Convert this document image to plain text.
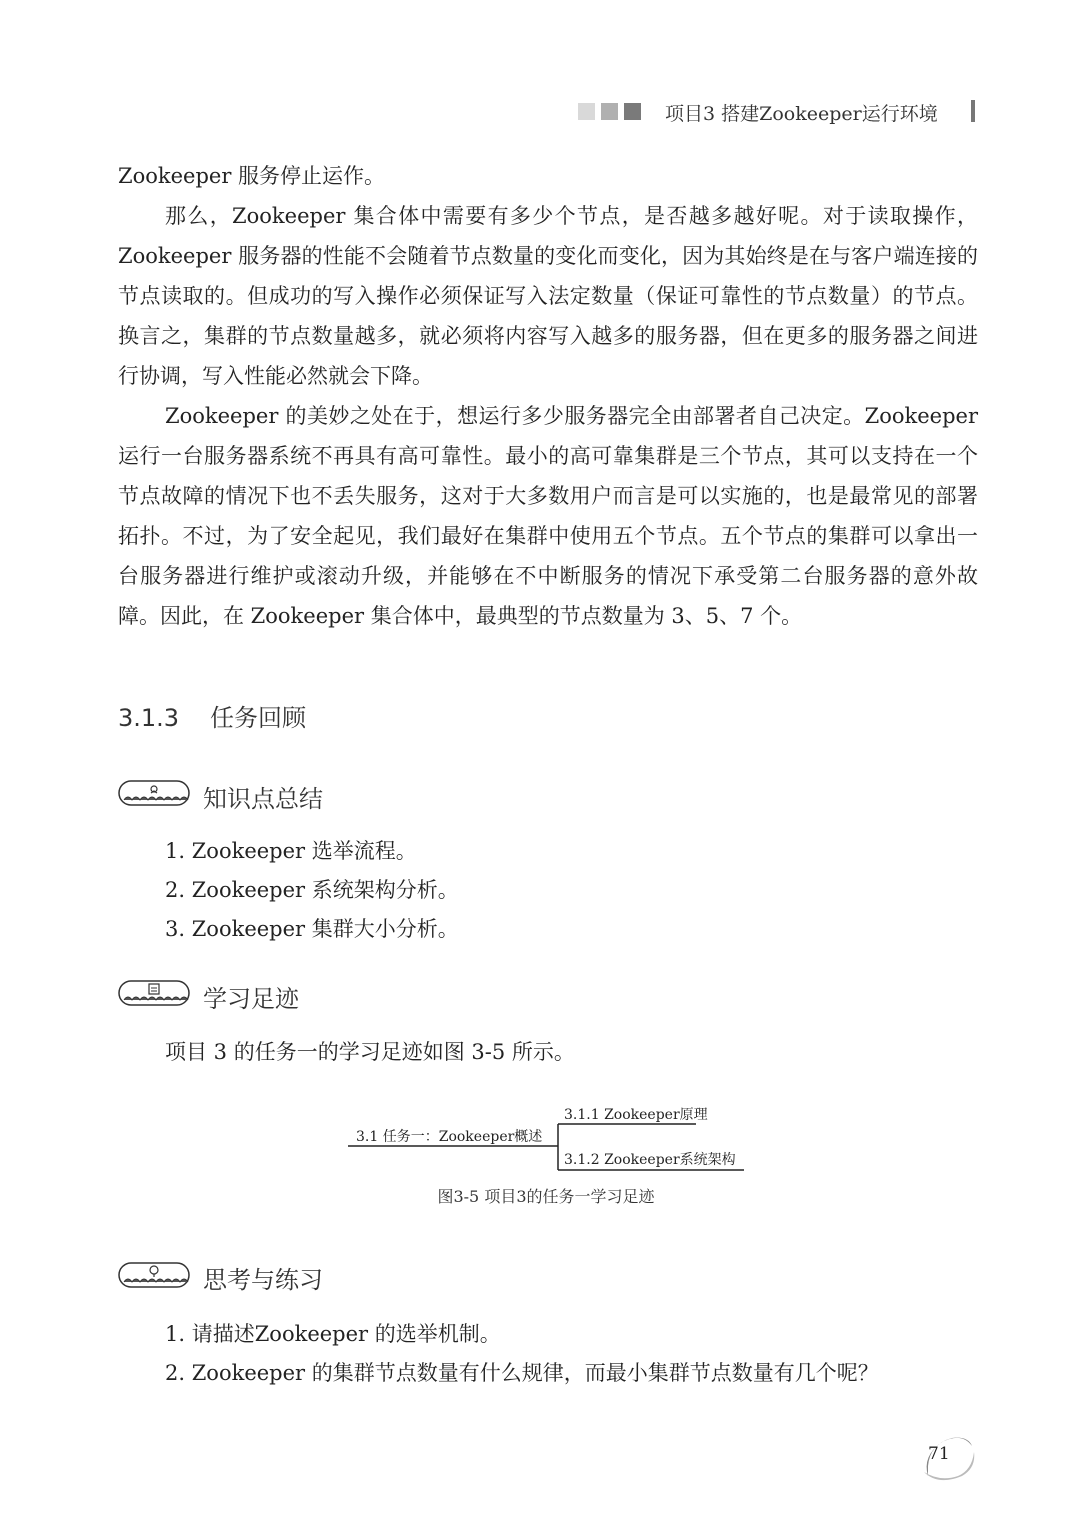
项目3 搭建Zookeeper运行环境

Zookeeper 服务停止运作。

那么，Zookeeper 集合体中需要有多少个节点，是否越多越好呢。对于读取操作，Zookeeper 服务器的性能不会随着节点数量的变化而变化，因为其始终是在与客户端连接的节点读取的。但成功的写入操作必须保证写入法定数量（保证可靠性的节点数量）的节点。换言之，集群的节点数量越多，就必须将内容写入越多的服务器，但在更多的服务器之间进行协调，写入性能必然就会下降。

Zookeeper 的美妙之处在于，想运行多少服务器完全由部署者自己决定。Zookeeper 运行一台服务器系统不再具有高可靠性。最小的高可靠集群是三个节点，其可以支持在一个节点故障的情况下也不丢失服务，这对于大多数用户而言是可以实施的，也是最常见的部署拓扑。不过，为了安全起见，我们最好在集群中使用五个节点。五个节点的集群可以拿出一台服务器进行维护或滚动升级，并能够在不中断服务的情况下承受第二台服务器的意外故障。因此，在 Zookeeper 集合体中，最典型的节点数量为 3、5、7 个。

3.1.3 任务回顾
知识点总结
1. Zookeeper 选举流程。
2. Zookeeper 系统架构分析。
3. Zookeeper 集群大小分析。
学习足迹
项目 3 的任务一的学习足迹如图 3-5 所示。
3.1 任务一：Zookeeper概述
3.1.1 Zookeeper原理
3.1.2 Zookeeper系统架构
图3-5 项目3的任务一学习足迹
思考与练习
1. 请描述Zookeeper 的选举机制。
2. Zookeeper 的集群节点数量有什么规律，而最小集群节点数量有几个呢？
71
